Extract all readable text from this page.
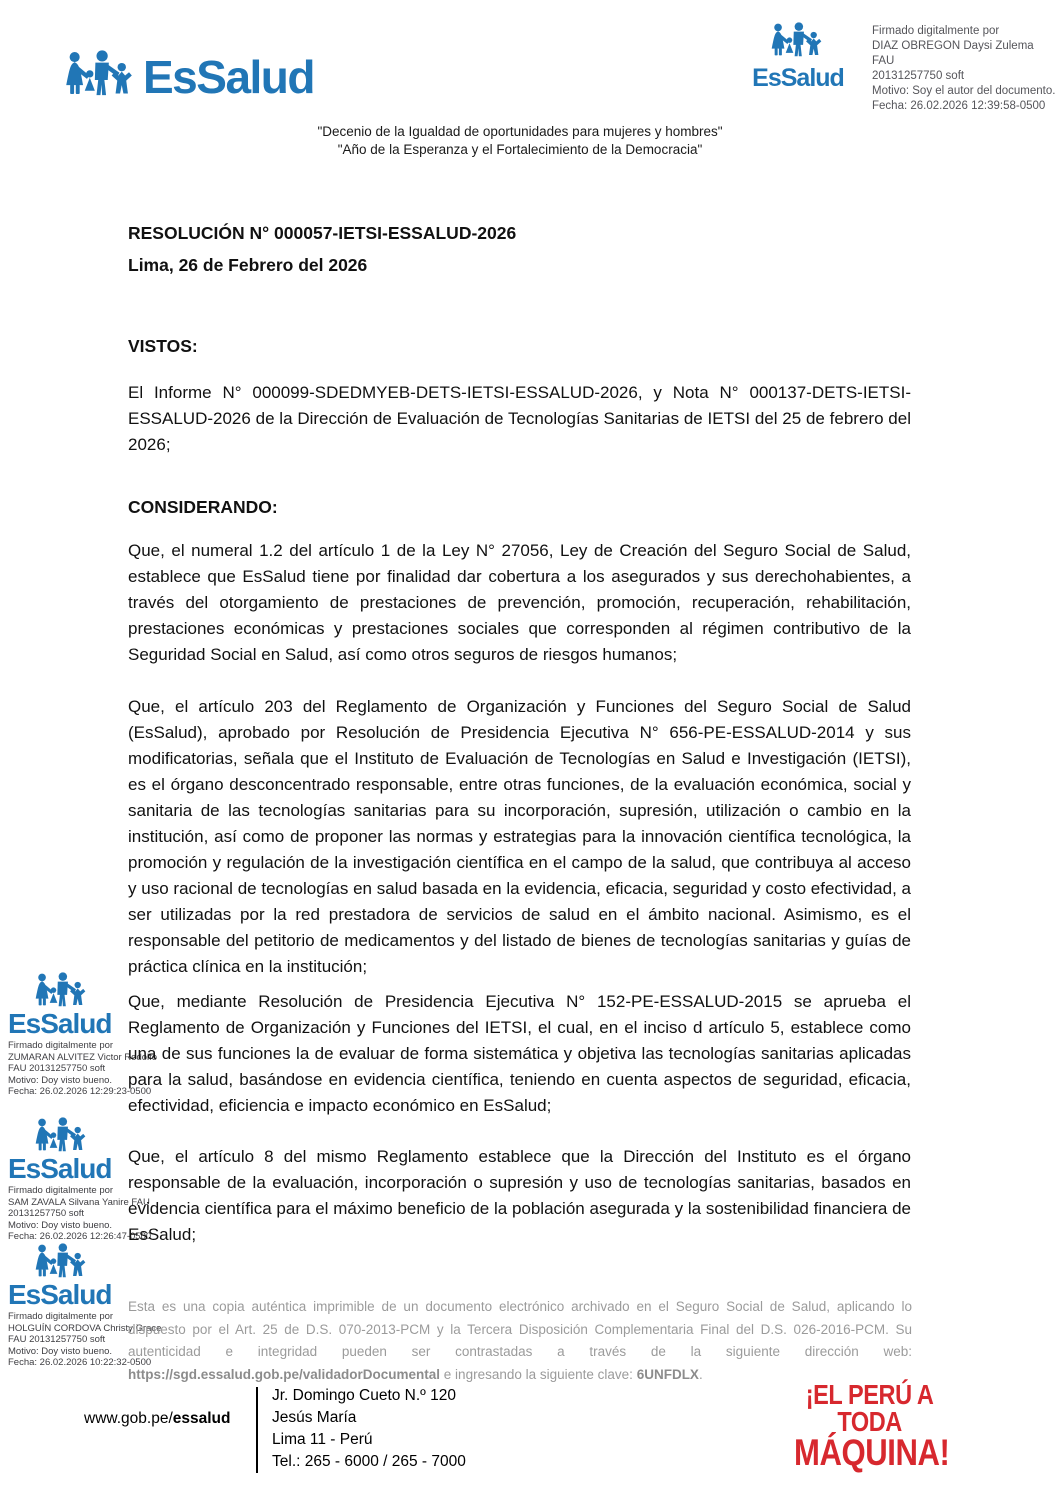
EsSalud	EsSalud
Firmado digitalmente por
DIAZ OBREGON Daysi Zulema FAU
20131257750 soft
Motivo: Soy el autor del documento.
Fecha: 26.02.2026 12:39:58-0500
"Decenio de la Igualdad de oportunidades para mujeres y hombres"
"Año de la Esperanza y el Fortalecimiento de la Democracia"
RESOLUCIÓN N° 000057-IETSI-ESSALUD-2026
Lima, 26 de Febrero del 2026
VISTOS:
El Informe N° 000099-SDEDMYEB-DETS-IETSI-ESSALUD-2026, y Nota N° 000137-DETS-IETSI-ESSALUD-2026 de la Dirección de Evaluación de Tecnologías Sanitarias de IETSI del 25 de febrero del 2026;
CONSIDERANDO:

Que, el numeral 1.2 del artículo 1 de la Ley N° 27056, Ley de Creación del Seguro Social de Salud, establece que EsSalud tiene por finalidad dar cobertura a los asegurados y sus derechohabientes, a través del otorgamiento de prestaciones de prevención, promoción, recuperación, rehabilitación, prestaciones económicas y prestaciones sociales que corresponden al régimen contributivo de la Seguridad Social en Salud, así como otros seguros de riesgos humanos;

Que, el artículo 203 del Reglamento de Organización y Funciones del Seguro Social de Salud (EsSalud), aprobado por Resolución de Presidencia Ejecutiva N° 656-PE-ESSALUD-2014 y sus modificatorias, señala que el Instituto de Evaluación de Tecnologías en Salud e Investigación (IETSI), es el órgano desconcentrado responsable, entre otras funciones, de la evaluación económica, social y sanitaria de las tecnologías sanitarias para su incorporación, supresión, utilización o cambio en la institución, así como de proponer las normas y estrategias para la innovación científica tecnológica, la promoción y regulación de la investigación científica en el campo de la salud, que contribuya al acceso y uso racional de tecnologías en salud basada en la evidencia, eficacia, seguridad y costo efectividad, a ser utilizadas por la red prestadora de servicios de salud en el ámbito nacional. Asimismo, es el responsable del petitorio de medicamentos y del listado de bienes de tecnologías sanitarias y guías de práctica clínica en la institución;

Que, mediante Resolución de Presidencia Ejecutiva N° 152-PE-ESSALUD-2015 se aprueba el Reglamento de Organización y Funciones del IETSI, el cual, en el inciso d artículo 5, establece como una de sus funciones la de evaluar de forma sistemática y objetiva las tecnologías sanitarias aplicadas para la salud, basándose en evidencia científica, teniendo en cuenta aspectos de seguridad, eficacia, efectividad, eficiencia e impacto económico en EsSalud;

Que, el artículo 8 del mismo Reglamento establece que la Dirección del Instituto es el órgano responsable de la evaluación, incorporación o supresión y uso de tecnologías sanitarias, basados en evidencia científica para el máximo beneficio de la población asegurada y la sostenibilidad financiera de EsSalud;

EsSalud
Firmado digitalmente por
ZUMARAN ALVITEZ Victor Rodolfo
FAU 20131257750 soft
Motivo: Doy visto bueno.
Fecha: 26.02.2026 12:29:23-0500
EsSalud
Firmado digitalmente por
SAM ZAVALA Silvana Yanire FAU
20131257750 soft
Motivo: Doy visto bueno.
Fecha: 26.02.2026 12:26:47-0500
EsSalud
Firmado digitalmente por
HOLGUÍN CORDOVA Christy Grace
FAU 20131257750 soft
Motivo: Doy visto bueno.
Fecha: 26.02.2026 10:22:32-0500

Esta es una copia auténtica imprimible de un documento electrónico archivado en el Seguro Social de Salud, aplicando lo dispuesto por el Art. 25 de D.S. 070-2013-PCM y la Tercera Disposición Complementaria Final del D.S. 026-2016-PCM. Su autenticidad e integridad pueden ser contrastadas a través de la siguiente dirección web: https://sgd.essalud.gob.pe/validadorDocumental e ingresando la siguiente clave: 6UNFDLX.

www.gob.pe/essalud
Jr. Domingo Cueto N.º 120
Jesús María
Lima 11 - Perú
Tel.: 265 - 6000 / 265 - 7000
¡EL PERÚ A TODA
MÁQUINA!
